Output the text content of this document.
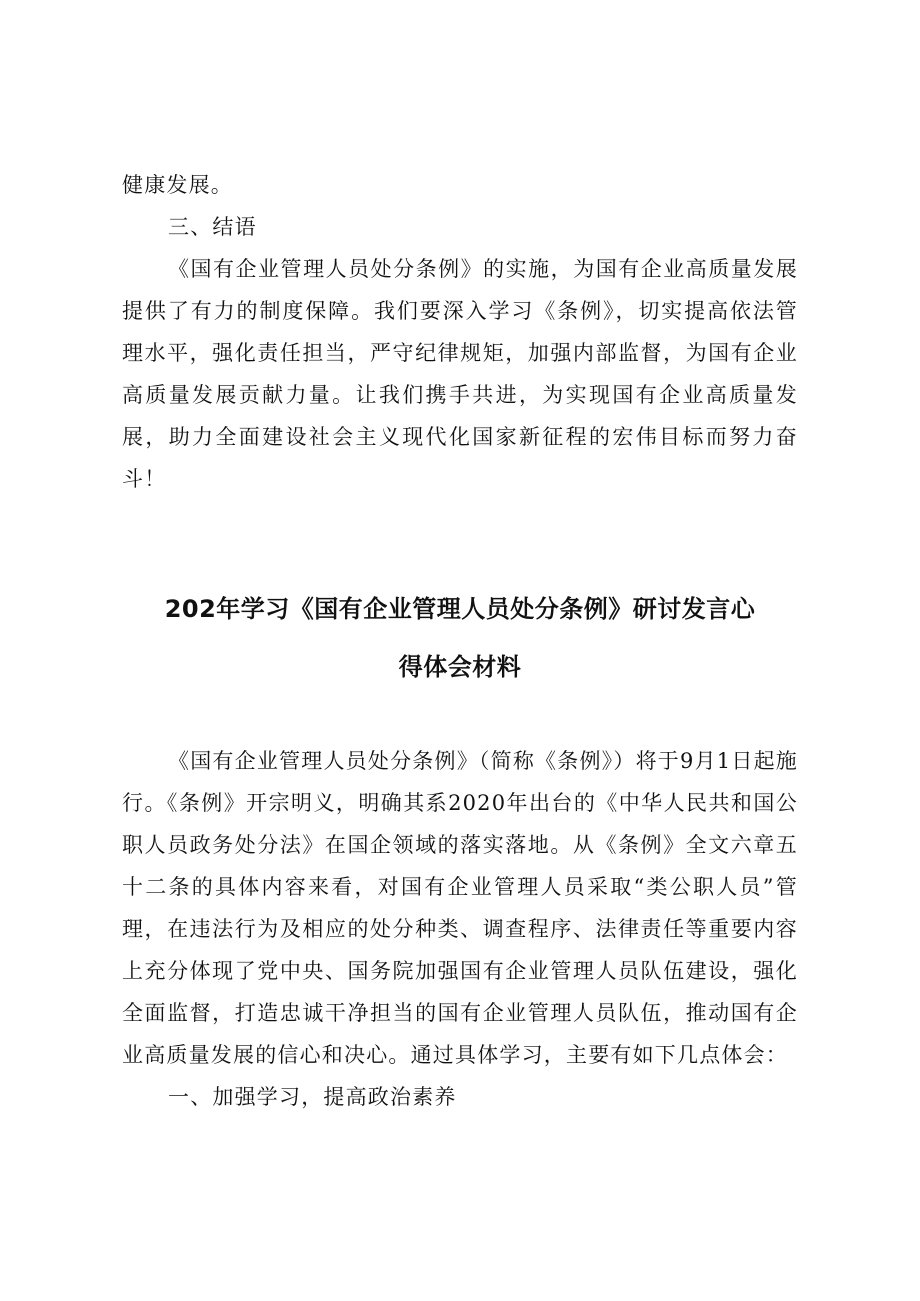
健康发展。

三、结语

《国有企业管理人员处分条例》的实施，为国有企业高质量发展提供了有力的制度保障。我们要深入学习《条例》，切实提高依法管理水平，强化责任担当，严守纪律规矩，加强内部监督，为国有企业高质量发展贡献力量。让我们携手共进，为实现国有企业高质量发展，助力全面建设社会主义现代化国家新征程的宏伟目标而努力奋斗！

202年学习《国有企业管理人员处分条例》研讨发言心
得体会材料

《国有企业管理人员处分条例》（简称《条例》）将于9月1日起施行。《条例》开宗明义，明确其系2020年出台的《中华人民共和国公职人员政务处分法》在国企领域的落实落地。从《条例》全文六章五十二条的具体内容来看，对国有企业管理人员采取“类公职人员”管理，在违法行为及相应的处分种类、调查程序、法律责任等重要内容上充分体现了党中央、国务院加强国有企业管理人员队伍建设，强化全面监督，打造忠诚干净担当的国有企业管理人员队伍，推动国有企业高质量发展的信心和决心。通过具体学习，主要有如下几点体会：

一、加强学习，提高政治素养
